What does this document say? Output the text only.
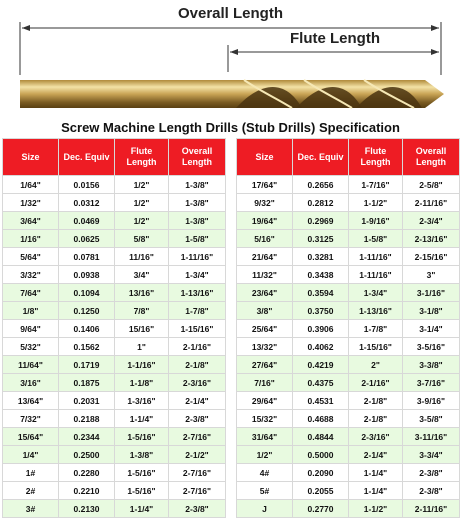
Overall Length
Flute Length
Screw Machine Length Drills (Stub Drills) Specification
Size	Dec. Equiv	Flute Length	Overall Length
1/64"	0.0156	1/2"	1-3/8"
1/32"	0.0312	1/2"	1-3/8"
3/64"	0.0469	1/2"	1-3/8"
1/16"	0.0625	5/8"	1-5/8"
5/64"	0.0781	11/16"	1-11/16"
3/32"	0.0938	3/4"	1-3/4"
7/64"	0.1094	13/16"	1-13/16"
1/8"	0.1250	7/8"	1-7/8"
9/64"	0.1406	15/16"	1-15/16"
5/32"	0.1562	1"	2-1/16"
11/64"	0.1719	1-1/16"	2-1/8"
3/16"	0.1875	1-1/8"	2-3/16"
13/64"	0.2031	1-3/16"	2-1/4"
7/32"	0.2188	1-1/4"	2-3/8"
15/64"	0.2344	1-5/16"	2-7/16"
1/4"	0.2500	1-3/8"	2-1/2"
1#	0.2280	1-5/16"	2-7/16"
2#	0.2210	1-5/16"	2-7/16"
3#	0.2130	1-1/4"	2-3/8"
Size	Dec. Equiv	Flute Length	Overall Length
17/64"	0.2656	1-7/16"	2-5/8"
9/32"	0.2812	1-1/2"	2-11/16"
19/64"	0.2969	1-9/16"	2-3/4"
5/16"	0.3125	1-5/8"	2-13/16"
21/64"	0.3281	1-11/16"	2-15/16"
11/32"	0.3438	1-11/16"	3"
23/64"	0.3594	1-3/4"	3-1/16"
3/8"	0.3750	1-13/16"	3-1/8"
25/64"	0.3906	1-7/8"	3-1/4"
13/32"	0.4062	1-15/16"	3-5/16"
27/64"	0.4219	2"	3-3/8"
7/16"	0.4375	2-1/16"	3-7/16"
29/64"	0.4531	2-1/8"	3-9/16"
15/32"	0.4688	2-1/8"	3-5/8"
31/64"	0.4844	2-3/16"	3-11/16"
1/2"	0.5000	2-1/4"	3-3/4"
4#	0.2090	1-1/4"	2-3/8"
5#	0.2055	1-1/4"	2-3/8"
J	0.2770	1-1/2"	2-11/16"
